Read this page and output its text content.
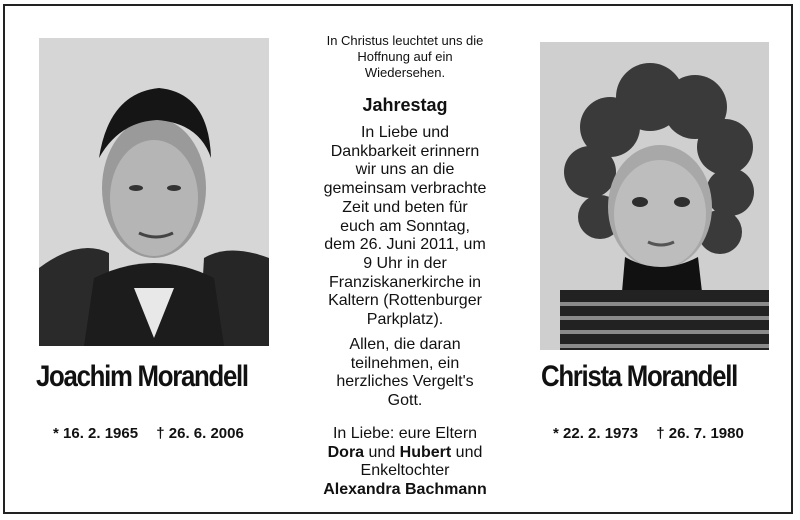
Joachim Morandell	Christa Morandell
* 16. 2. 1965 † 26. 6. 2006	* 22. 2. 1973 † 26. 7. 1980
In Christus leuchtet uns die
Hoffnung auf ein
Wiedersehen.
Jahrestag
In Liebe und
Dankbarkeit erinnern
wir uns an die
gemeinsam verbrachte
Zeit und beten für
euch am Sonntag,
dem 26. Juni 2011, um
9 Uhr in der
Franziskanerkirche in
Kaltern (Rottenburger
Parkplatz).
Allen, die daran
teilnehmen, ein
herzliches Vergelt's
Gott.
In Liebe: eure Eltern
Dora und Hubert und
Enkeltochter
Alexandra Bachmann
